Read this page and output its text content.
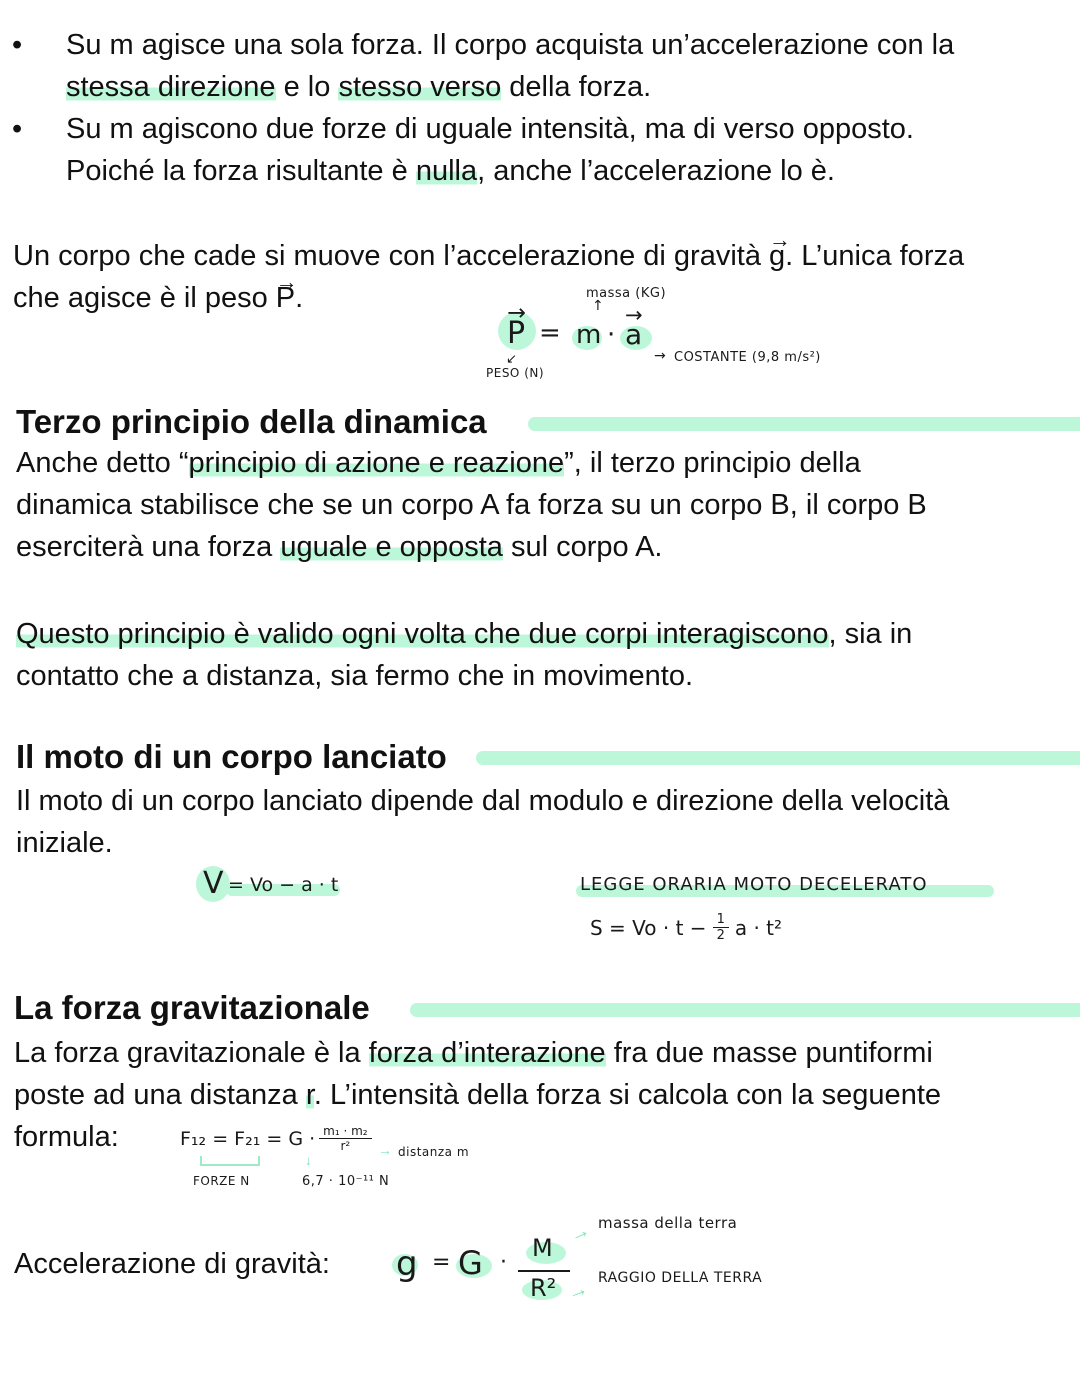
• Su m agisce una sola forza. Il corpo acquista un’accelerazione con la
stessa direzione e lo stesso verso della forza.
• Su m agiscono due forze di uguale intensità, ma di verso opposto.
Poiché la forza risultante è nulla, anche l’accelerazione lo è.
Un corpo che cade si muove con l’accelerazione di gravità → g. L’unica forza
che agisce è il peso → P.	massa (KG)
↑
→ P = m · → a
→ COSTANTE (9,8 m/s²)
↙
PESO (N)
Terzo principio della dinamica
Anche detto “principio di azione e reazione”, il terzo principio della
dinamica stabilisce che se un corpo A fa forza su un corpo B, il corpo B
eserciterà una forza uguale e opposta sul corpo A.
Questo principio è valido ogni volta che due corpi interagiscono, sia in
contatto che a distanza, sia fermo che in movimento.
Il moto di un corpo lanciato
Il moto di un corpo lanciato dipende dal modulo e direzione della velocità
iniziale.
V = Vo − a · t	LEGGE ORARIA MOTO DECELERATO
$S = Vo \cdot t - \frac{1}{2}$ a · t²
La forza gravitazionale
La forza gravitazionale è la forza d’interazione fra due masse puntiformi
poste ad una distanza r. L’intensità della forza si calcola con la seguente
formula:	$F_{12} = F_{21} = G \cdot \frac{\text{m₁ · m₂}}{\text{r²}}$ → distanza m
↓
FORZE N	6,7 · 10⁻¹¹ N
Accelerazione di gravità: g = G ·
M
R²
→
→
massa della terra
RAGGIO DELLA TERRA
